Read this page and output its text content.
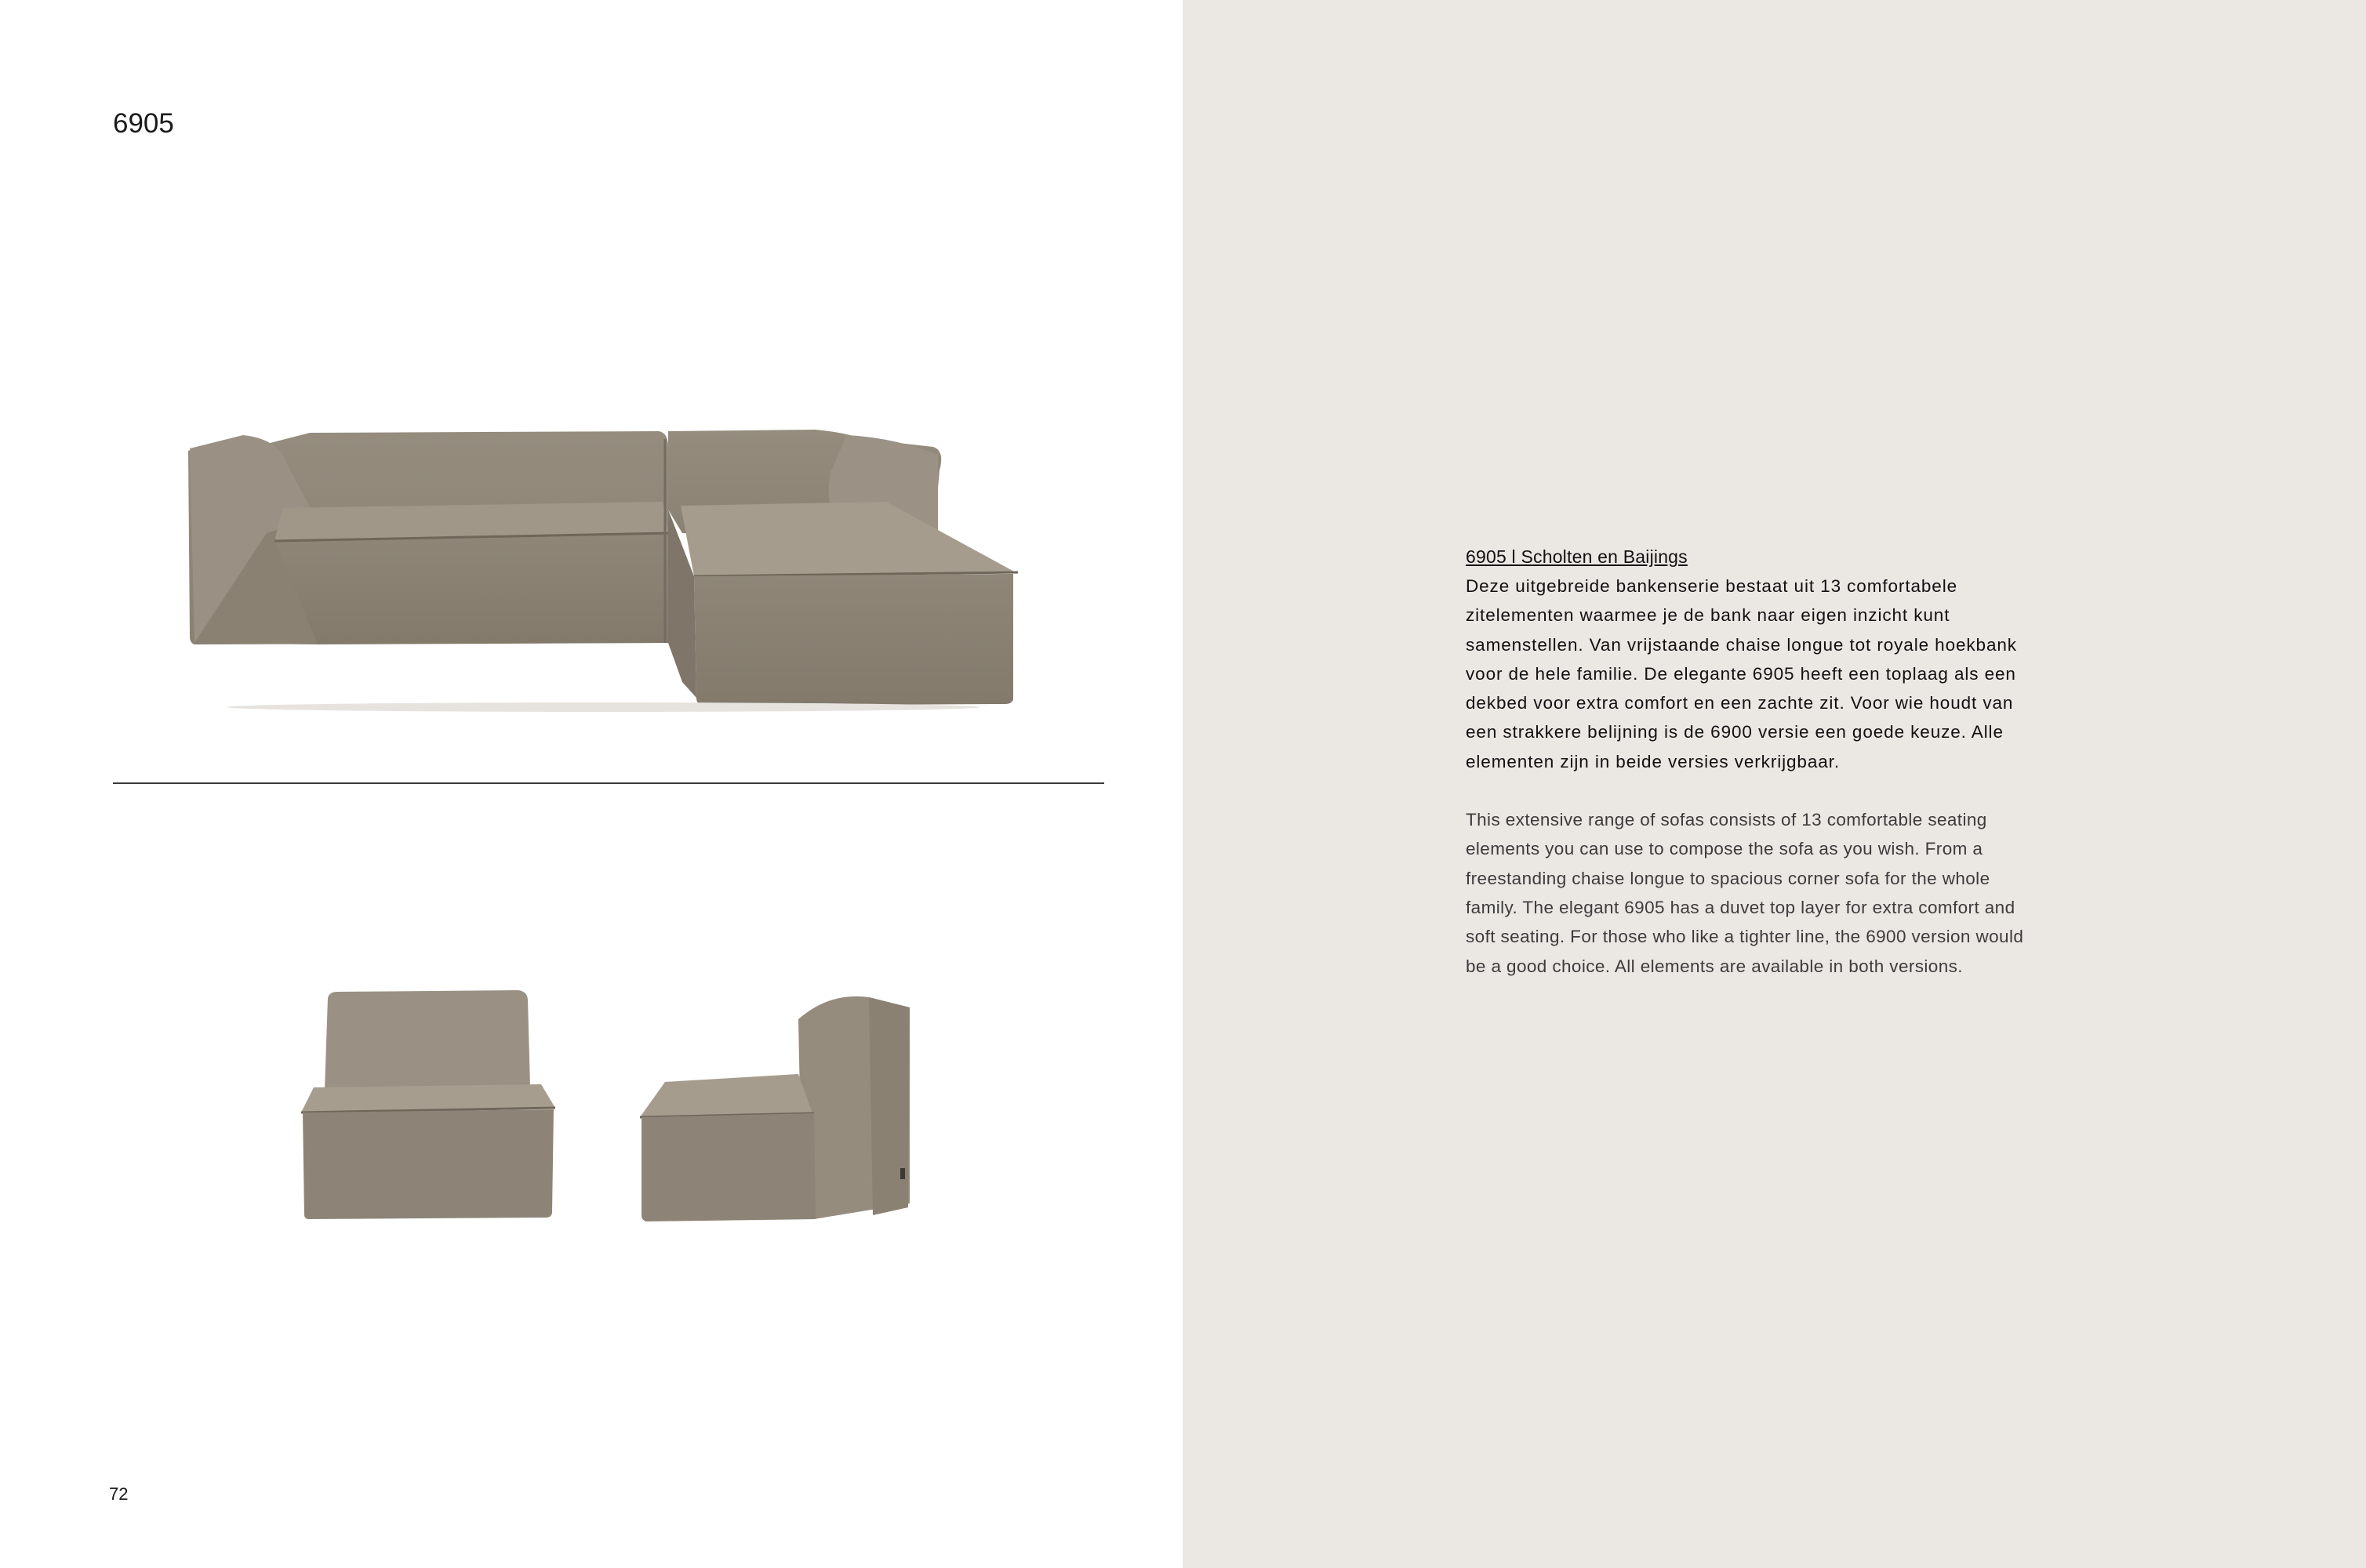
6905
72
6905 l Scholten en Baijings
Deze uitgebreide bankenserie bestaat uit 13 comfortabele
zitelementen waarmee je de bank naar eigen inzicht kunt
samenstellen. Van vrijstaande chaise longue tot royale hoekbank
voor de hele familie. De elegante 6905 heeft een toplaag als een
dekbed voor extra comfort en een zachte zit. Voor wie houdt van
een strakkere belijning is de 6900 versie een goede keuze. Alle
elementen zijn in beide versies verkrijgbaar.
This extensive range of sofas consists of 13 comfortable seating
elements you can use to compose the sofa as you wish. From a
freestanding chaise longue to spacious corner sofa for the whole
family. The elegant 6905 has a duvet top layer for extra comfort and
soft seating. For those who like a tighter line, the 6900 version would
be a good choice. All elements are available in both versions.
